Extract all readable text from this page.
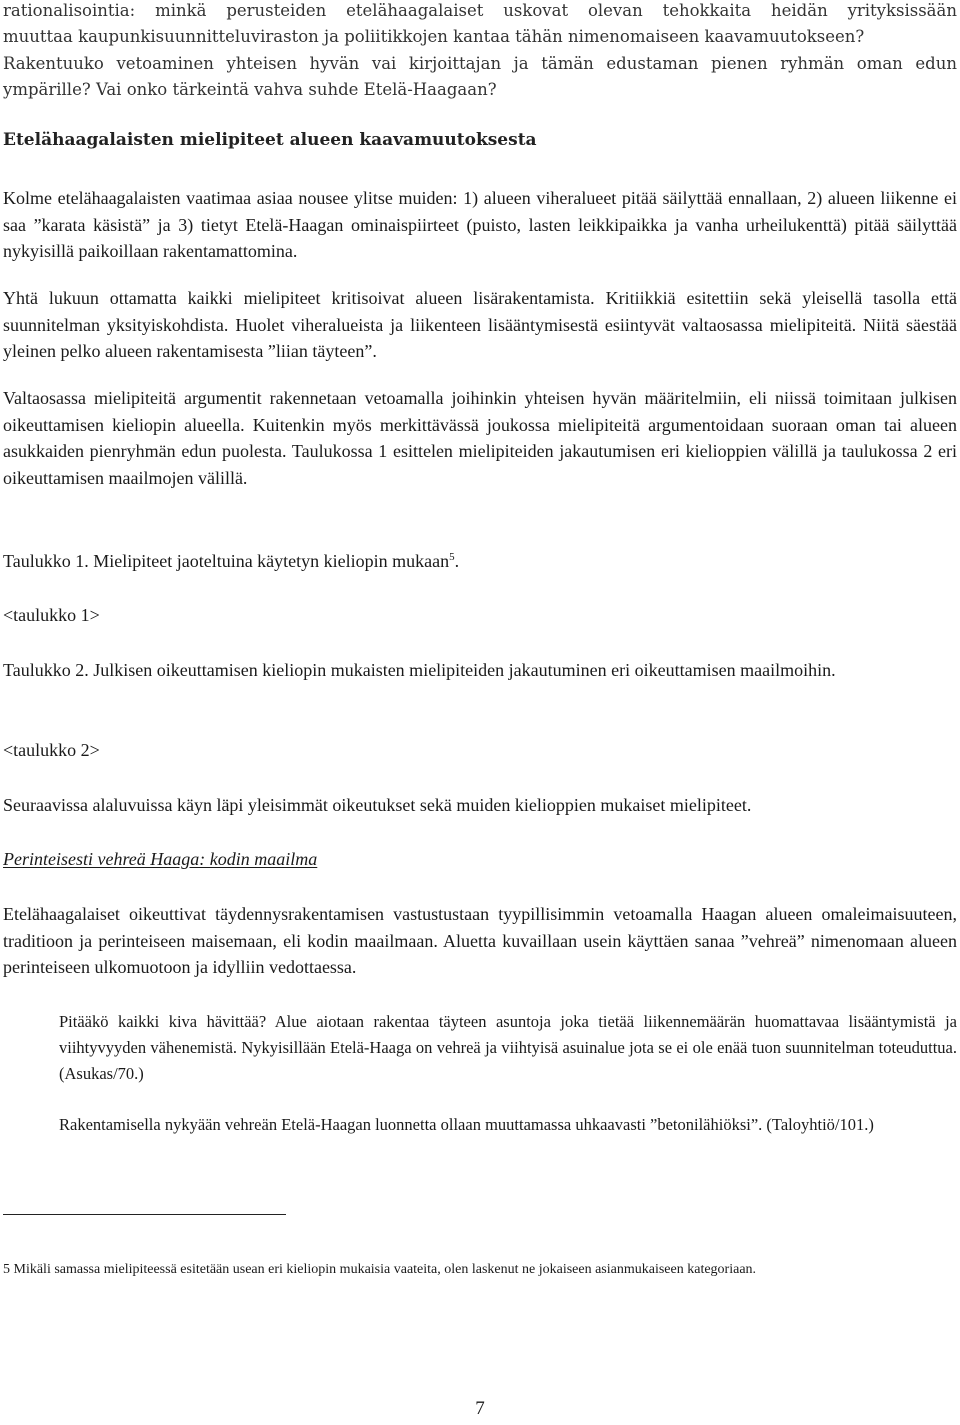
rationalisointia: minkä perusteiden etelähaagalaiset uskovat olevan tehokkaita heidän yrityksissään
muuttaa kaupunkisuunnitteluviraston ja poliitikkojen kantaa tähän nimenomaiseen kaavamuutokseen?
Rakentuuko vetoaminen yhteisen hyvän vai kirjoittajan ja tämän edustaman pienen ryhmän oman edun
ympärille? Vai onko tärkeintä vahva suhde Etelä-Haagaan?
Etelähaagalaisten mielipiteet alueen kaavamuutoksesta

Kolme etelähaagalaisten vaatimaa asiaa nousee ylitse muiden: 1) alueen viheralueet pitää säilyttää ennallaan, 2) alueen liikenne ei saa ”karata käsistä” ja 3) tietyt Etelä-Haagan ominaispiirteet (puisto, lasten leikkipaikka ja vanha urheilukenttä) pitää säilyttää nykyisillä paikoillaan rakentamattomina.

Yhtä lukuun ottamatta kaikki mielipiteet kritisoivat alueen lisärakentamista. Kritiikkiä esitettiin sekä yleisellä tasolla että suunnitelman yksityiskohdista. Huolet viheralueista ja liikenteen lisääntymisestä esiintyvät valtaosassa mielipiteitä. Niitä säestää yleinen pelko alueen rakentamisesta ”liian täyteen”.

Valtaosassa mielipiteitä argumentit rakennetaan vetoamalla joihinkin yhteisen hyvän määritelmiin, eli niissä toimitaan julkisen oikeuttamisen kieliopin alueella. Kuitenkin myös merkittävässä joukossa mielipiteitä argumentoidaan suoraan oman tai alueen asukkaiden pienryhmän edun puolesta. Taulukossa 1 esittelen mielipiteiden jakautumisen eri kielioppien välillä ja taulukossa 2 eri oikeuttamisen maailmojen välillä.

Taulukko 1. Mielipiteet jaoteltuina käytetyn kieliopin mukaan$^5$.

<taulukko 1>

Taulukko 2. Julkisen oikeuttamisen kieliopin mukaisten mielipiteiden jakautuminen eri oikeuttamisen maailmoihin.

<taulukko 2>

Seuraavissa alaluvuissa käyn läpi yleisimmät oikeutukset sekä muiden kielioppien mukaiset mielipiteet.

Perinteisesti vehreä Haaga: kodin maailma

Etelähaagalaiset oikeuttivat täydennysrakentamisen vastustustaan tyypillisimmin vetoamalla Haagan alueen omaleimaisuuteen, traditioon ja perinteiseen maisemaan, eli kodin maailmaan. Aluetta kuvaillaan usein käyttäen sanaa ”vehreä” nimenomaan alueen perinteiseen ulkomuotoon ja idylliin vedottaessa.

Pitääkö kaikki kiva hävittää? Alue aiotaan rakentaa täyteen asuntoja joka tietää liikennemäärän huomattavaa lisääntymistä ja viihtyvyyden vähenemistä. Nykyisillään Etelä-Haaga on vehreä ja viihtyisä asuinalue jota se ei ole enää tuon suunnitelman toteuduttua. (Asukas/70.)

Rakentamisella nykyään vehreän Etelä-Haagan luonnetta ollaan muuttamassa uhkaavasti ”betonilähiöksi”. (Taloyhtiö/101.)

5 Mikäli samassa mielipiteessä esitetään usean eri kieliopin mukaisia vaateita, olen laskenut ne jokaiseen asianmukaiseen kategoriaan.

7
